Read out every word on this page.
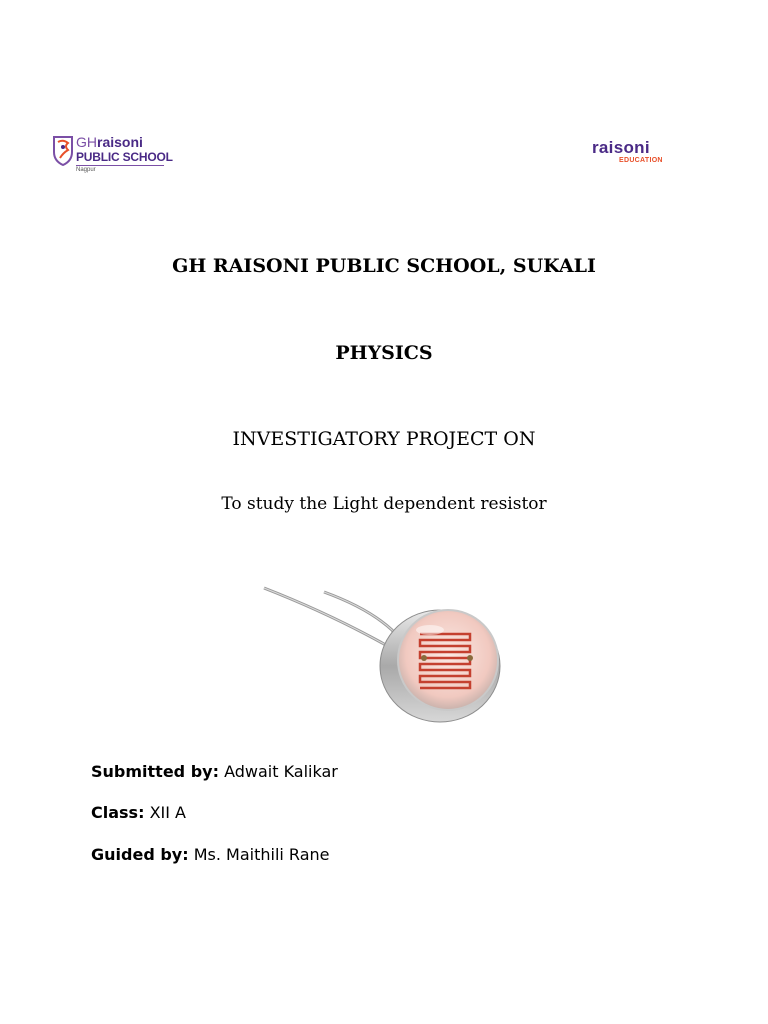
GHraisoni
PUBLIC SCHOOL
Nagpur
raisoni
EDUCATION
GH RAISONI PUBLIC SCHOOL, SUKALI
PHYSICS
INVESTIGATORY PROJECT ON
To study the Light dependent resistor
Submitted by: Adwait Kalikar
Class: XII A
Guided by: Ms. Maithili Rane
